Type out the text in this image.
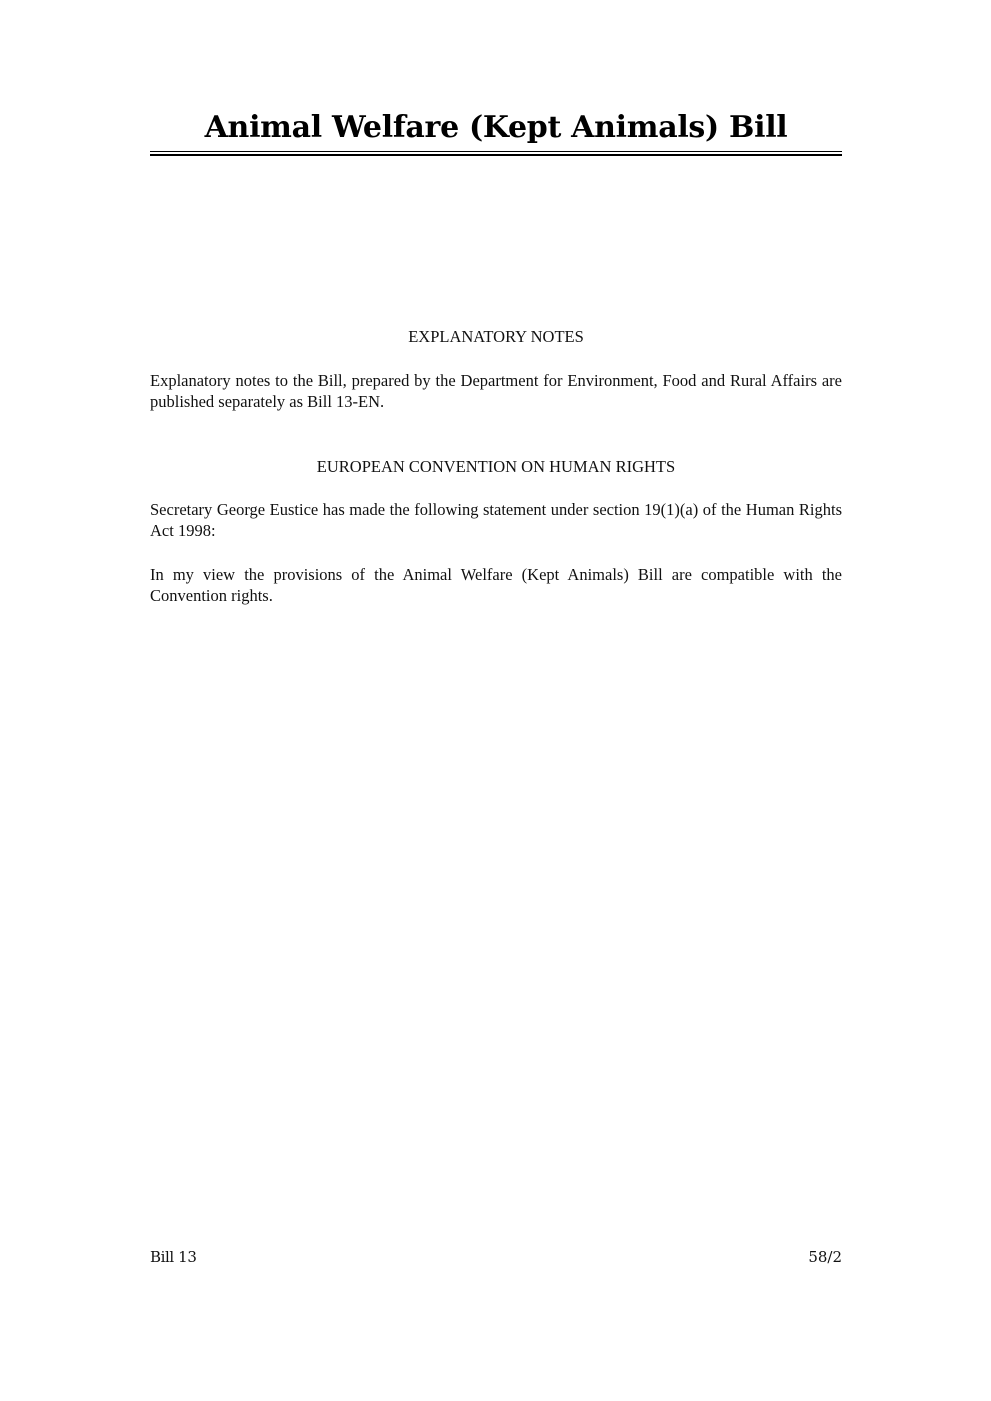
Animal Welfare (Kept Animals) Bill
EXPLANATORY NOTES
Explanatory notes to the Bill, prepared by the Department for Environment, Food and Rural Affairs are published separately as Bill 13-EN.
EUROPEAN CONVENTION ON HUMAN RIGHTS
Secretary George Eustice has made the following statement under section 19(1)(a) of the Human Rights Act 1998:
In my view the provisions of the Animal Welfare (Kept Animals) Bill are compatible with the Convention rights.
Bill 13	58/2
